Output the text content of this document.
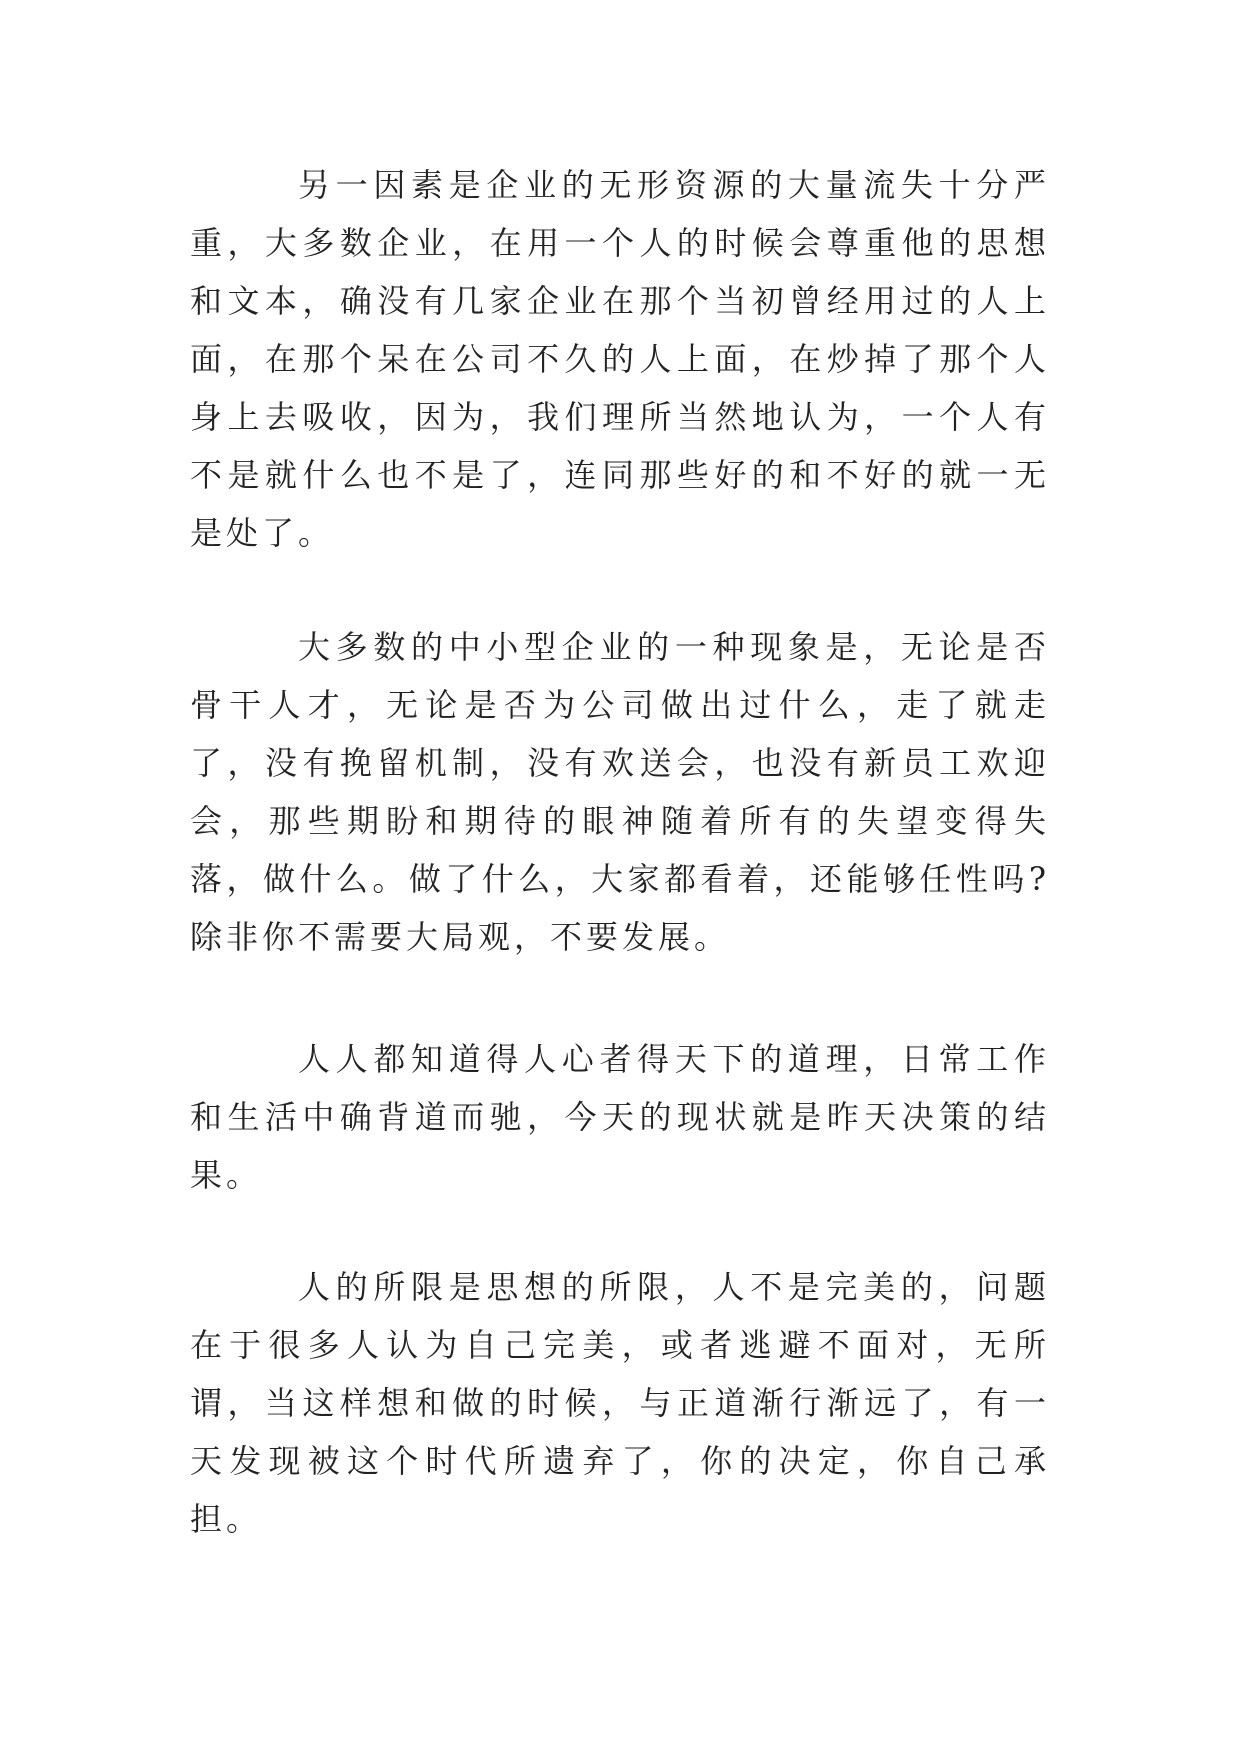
另一因素是企业的无形资源的大量流失十分严重，大多数企业，在用一个人的时候会尊重他的思想和文本，确没有几家企业在那个当初曾经用过的人上面，在那个呆在公司不久的人上面，在炒掉了那个人身上去吸收，因为，我们理所当然地认为，一个人有不是就什么也不是了，连同那些好的和不好的就一无是处了。

大多数的中小型企业的一种现象是，无论是否骨干人才，无论是否为公司做出过什么，走了就走了，没有挽留机制，没有欢送会，也没有新员工欢迎会，那些期盼和期待的眼神随着所有的失望变得失落，做什么。做了什么，大家都看着，还能够任性吗?除非你不需要大局观，不要发展。

人人都知道得人心者得天下的道理，日常工作和生活中确背道而驰，今天的现状就是昨天决策的结果。

人的所限是思想的所限，人不是完美的，问题在于很多人认为自己完美，或者逃避不面对，无所谓，当这样想和做的时候，与正道渐行渐远了，有一天发现被这个时代所遗弃了，你的决定，你自己承担。
